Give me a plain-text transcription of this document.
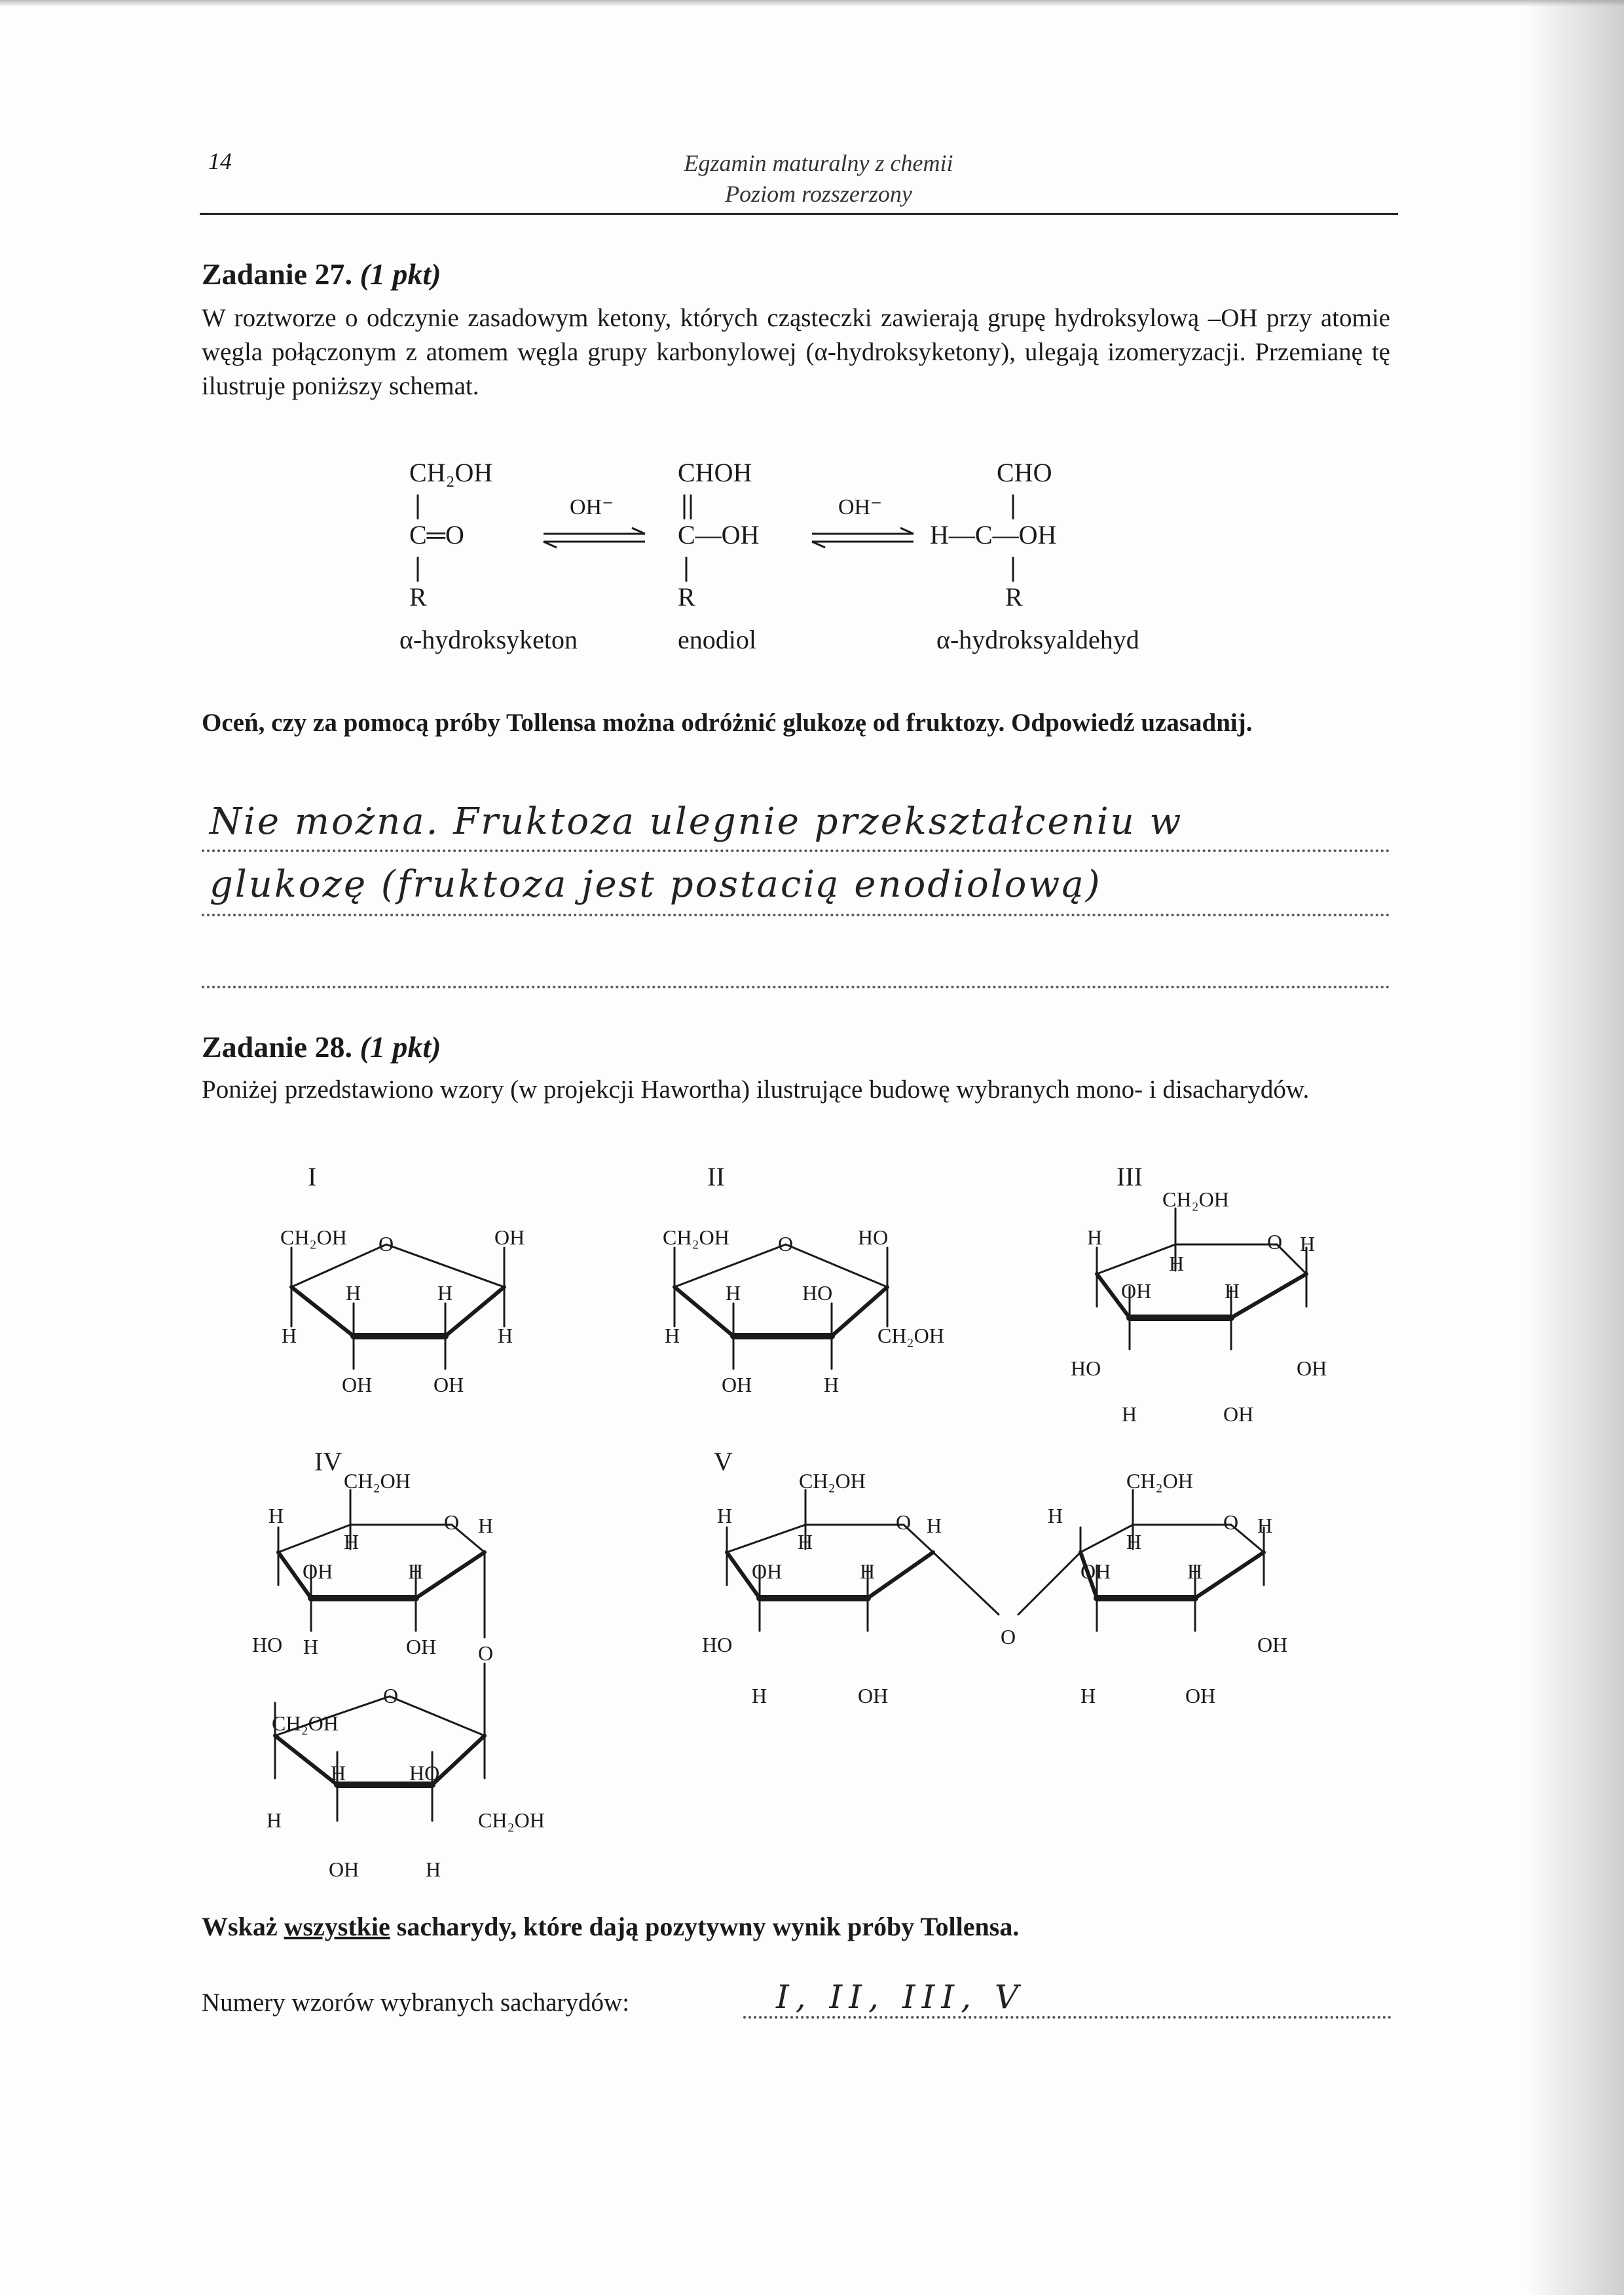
14	Egzamin maturalny z chemii
Poziom rozszerzony
Zadanie 27. (1 pkt)
W roztworze o odczynie zasadowym ketony, których cząsteczki zawierają grupę hydroksylową –OH przy atomie węgla połączonym z atomem węgla grupy karbonylowej (α-hydroksyketony), ulegają izomeryzacji. Przemianę tę ilustruje poniższy schemat.
CH₂OH
C═O
R
OH⁻
CHOH
C—OH
R
OH⁻
CHO
H—C—OH
R
α-hydroksyketon	enodiol	α-hydroksyaldehyd
Oceń, czy za pomocą próby Tollensa można odróżnić glukozę od fruktozy. Odpowiedź uzasadnij.
Nie można. Fruktoza ulegnie przekształceniu w
glukozę (fruktoza jest postacią enodiolową)
Zadanie 28. (1 pkt)
Poniżej przedstawiono wzory (w projekcji Hawortha) ilustrujące budowę wybranych mono- i disacharydów.
I	II	III
IV	V
CH₂OH O	OH
H	H
H	H
OH	OH
CH₂OH O	HO
H	HO
H	CH₂OH
OH	H
CH₂OH
O H
H
H
OH	H
HO	OH
H	OH
CH₂OH
O H
H
H
OH	H
HO H	OH O
CH₂OH
O
H	HO
H	CH₂OH
OH	H
CH₂OH
O H
H
H
OH	H
HO
H	OH
O
CH₂OH
O H
H
H
OH	H
OH
H	OH
Wskaż wszystkie sacharydy, które dają pozytywny wynik próby Tollensa.
Numery wzorów wybranych sacharydów:	I, II, III, V
